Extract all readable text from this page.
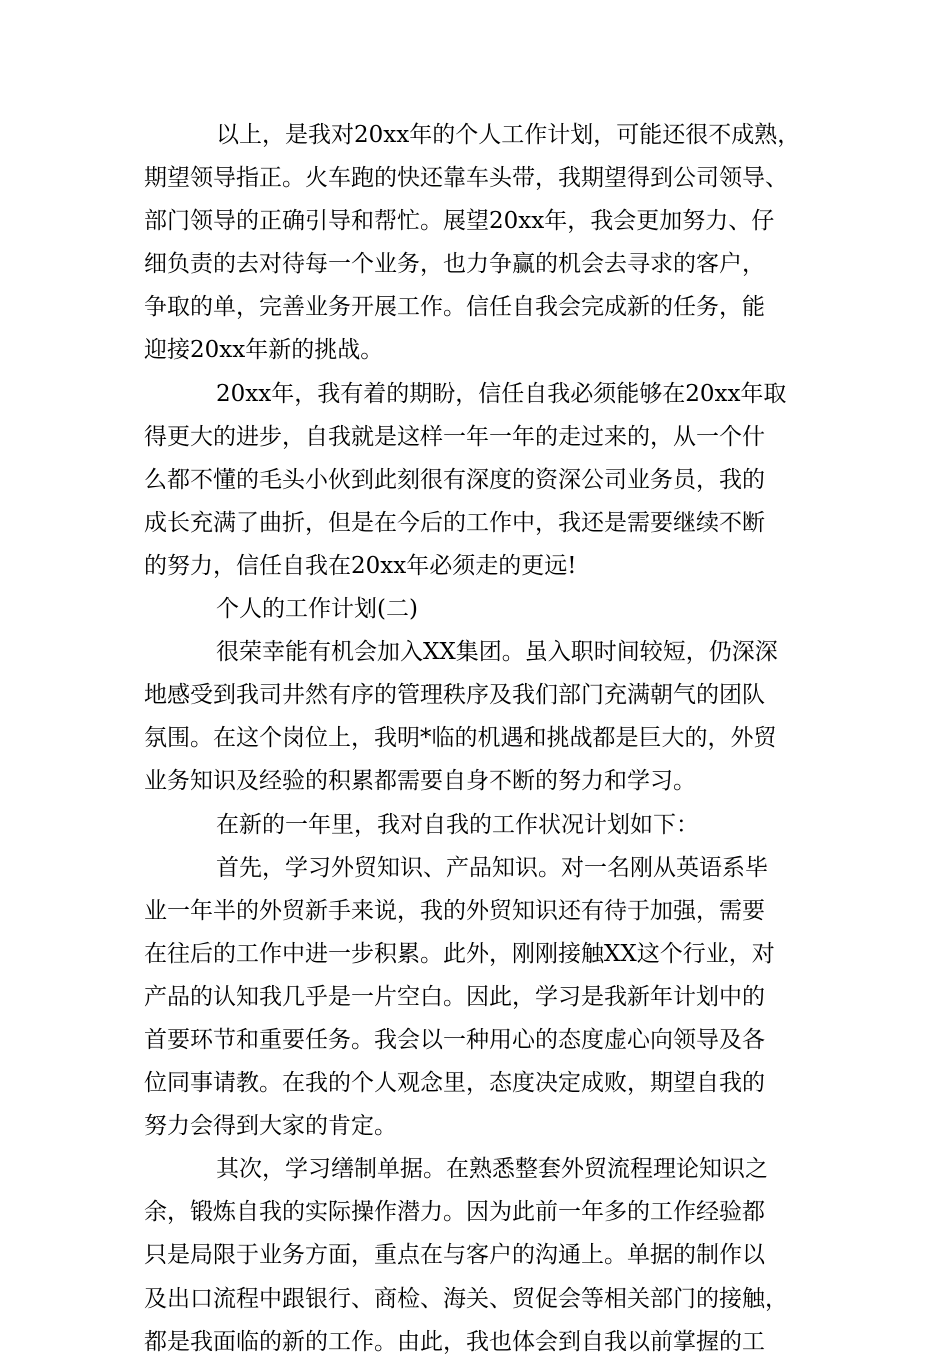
以上，是我对20xx年的个人工作计划，可能还很不成熟，
期望领导指正。火车跑的快还靠车头带，我期望得到公司领导、
部门领导的正确引导和帮忙。展望20xx年，我会更加努力、仔
细负责的去对待每一个业务，也力争赢的机会去寻求的客户，
争取的单，完善业务开展工作。信任自我会完成新的任务，能
迎接20xx年新的挑战。
20xx年，我有着的期盼，信任自我必须能够在20xx年取
得更大的进步，自我就是这样一年一年的走过来的，从一个什
么都不懂的毛头小伙到此刻很有深度的资深公司业务员，我的
成长充满了曲折，但是在今后的工作中，我还是需要继续不断
的努力，信任自我在20xx年必须走的更远!
个人的工作计划(二)
很荣幸能有机会加入XX集团。虽入职时间较短，仍深深
地感受到我司井然有序的管理秩序及我们部门充满朝气的团队
氛围。在这个岗位上，我明*临的机遇和挑战都是巨大的，外贸
业务知识及经验的积累都需要自身不断的努力和学习。
在新的一年里，我对自我的工作状况计划如下：
首先，学习外贸知识、产品知识。对一名刚从英语系毕
业一年半的外贸新手来说，我的外贸知识还有待于加强，需要
在往后的工作中进一步积累。此外，刚刚接触XX这个行业，对
产品的认知我几乎是一片空白。因此，学习是我新年计划中的
首要环节和重要任务。我会以一种用心的态度虚心向领导及各
位同事请教。在我的个人观念里，态度决定成败，期望自我的
努力会得到大家的肯定。
其次，学习缮制单据。在熟悉整套外贸流程理论知识之
余，锻炼自我的实际操作潜力。因为此前一年多的工作经验都
只是局限于业务方面，重点在与客户的沟通上。单据的制作以
及出口流程中跟银行、商检、海关、贸促会等相关部门的接触，
都是我面临的新的工作。由此，我也体会到自我以前掌握的工
